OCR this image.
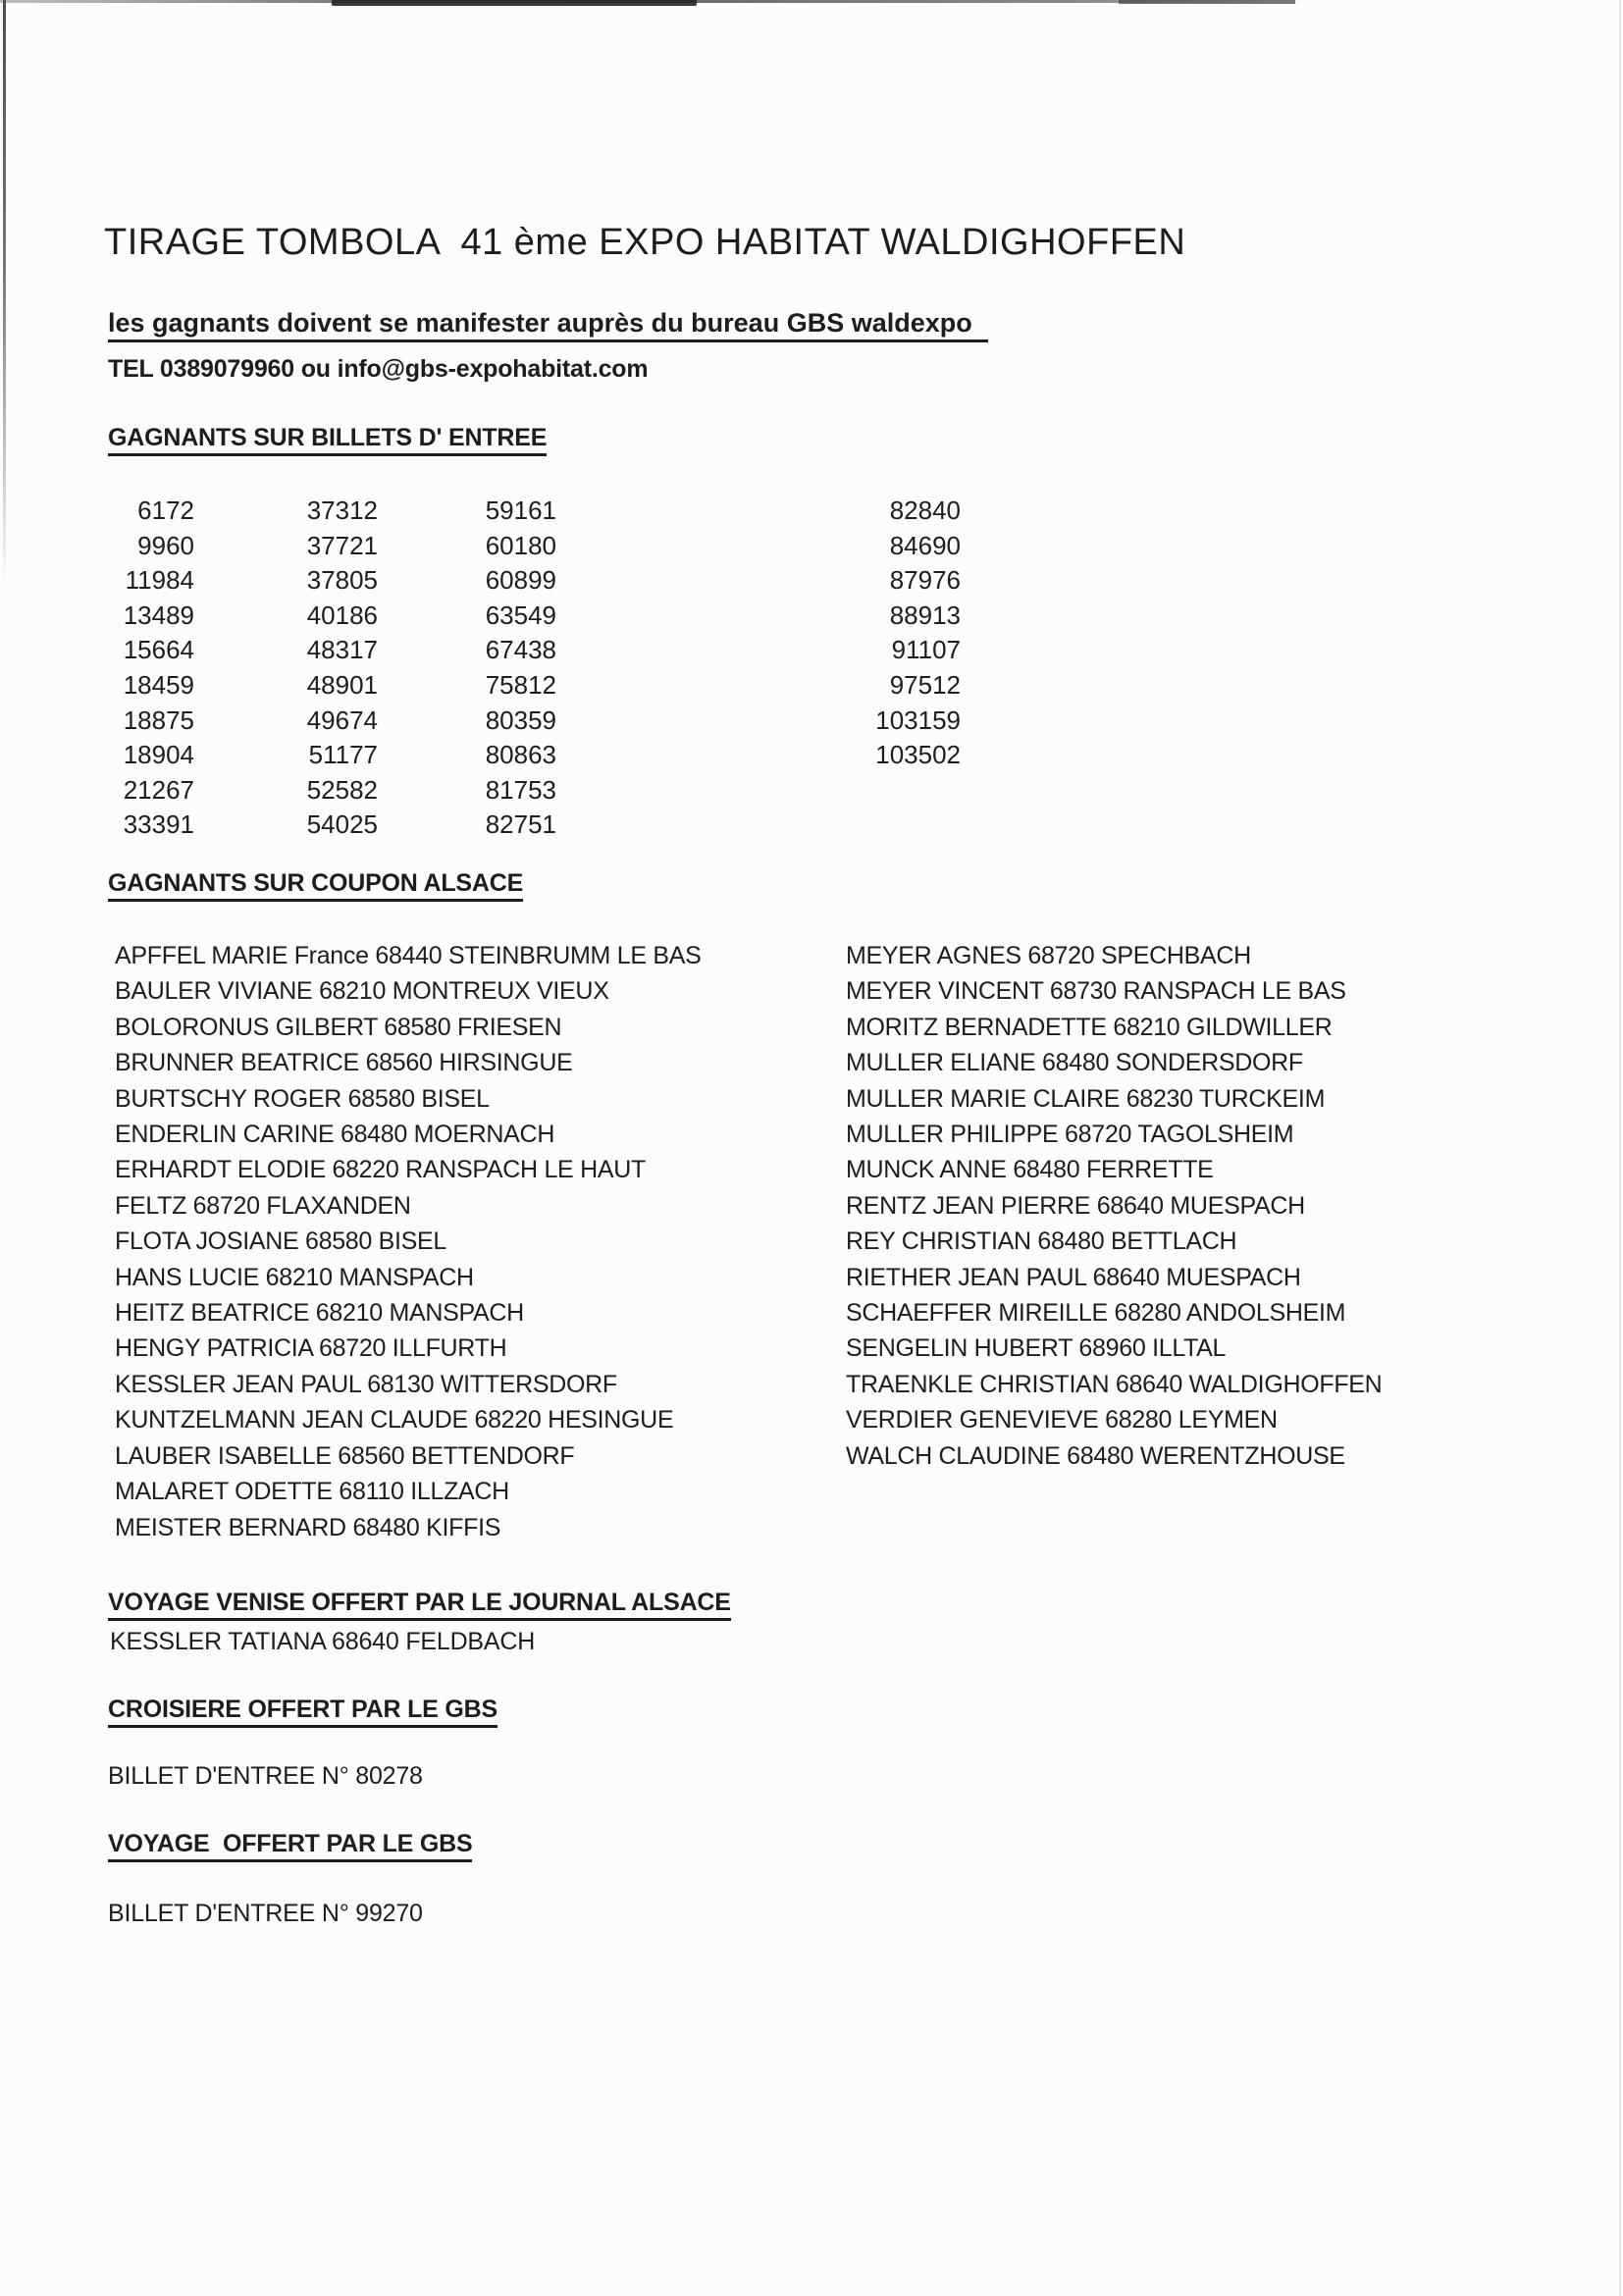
TIRAGE TOMBOLA  41 ème EXPO HABITAT WALDIGHOFFEN
les gagnants doivent se manifester auprès du bureau GBS waldexpo
TEL 0389079960 ou info@gbs-expohabitat.com
GAGNANTS SUR BILLETS D' ENTREE
6172
9960
11984
13489
15664
18459
18875
18904
21267
33391
37312
37721
37805
40186
48317
48901
49674
51177
52582
54025
59161
60180
60899
63549
67438
75812
80359
80863
81753
82751
82840
84690
87976
88913
91107
97512
103159
103502
GAGNANTS SUR COUPON ALSACE
APFFEL MARIE France 68440 STEINBRUMM LE BAS
BAULER VIVIANE 68210 MONTREUX VIEUX
BOLORONUS GILBERT 68580 FRIESEN
BRUNNER BEATRICE 68560 HIRSINGUE
BURTSCHY ROGER 68580 BISEL
ENDERLIN CARINE 68480 MOERNACH
ERHARDT ELODIE 68220 RANSPACH LE HAUT
FELTZ 68720 FLAXANDEN
FLOTA JOSIANE 68580 BISEL
HANS LUCIE 68210 MANSPACH
HEITZ BEATRICE 68210 MANSPACH
HENGY PATRICIA 68720 ILLFURTH
KESSLER JEAN PAUL 68130 WITTERSDORF
KUNTZELMANN JEAN CLAUDE 68220 HESINGUE
LAUBER ISABELLE 68560 BETTENDORF
MALARET ODETTE 68110 ILLZACH
MEISTER BERNARD 68480 KIFFIS
MEYER AGNES 68720 SPECHBACH
MEYER VINCENT 68730 RANSPACH LE BAS
MORITZ BERNADETTE 68210 GILDWILLER
MULLER ELIANE 68480 SONDERSDORF
MULLER MARIE CLAIRE 68230 TURCKEIM
MULLER PHILIPPE 68720 TAGOLSHEIM
MUNCK ANNE 68480 FERRETTE
RENTZ JEAN PIERRE 68640 MUESPACH
REY CHRISTIAN 68480 BETTLACH
RIETHER JEAN PAUL 68640 MUESPACH
SCHAEFFER MIREILLE 68280 ANDOLSHEIM
SENGELIN HUBERT 68960 ILLTAL
TRAENKLE CHRISTIAN 68640 WALDIGHOFFEN
VERDIER GENEVIEVE 68280 LEYMEN
WALCH CLAUDINE 68480 WERENTZHOUSE
VOYAGE VENISE OFFERT PAR LE JOURNAL ALSACE
KESSLER TATIANA 68640 FELDBACH
CROISIERE OFFERT PAR LE GBS
BILLET D'ENTREE N° 80278
VOYAGE  OFFERT PAR LE GBS
BILLET D'ENTREE N° 99270
